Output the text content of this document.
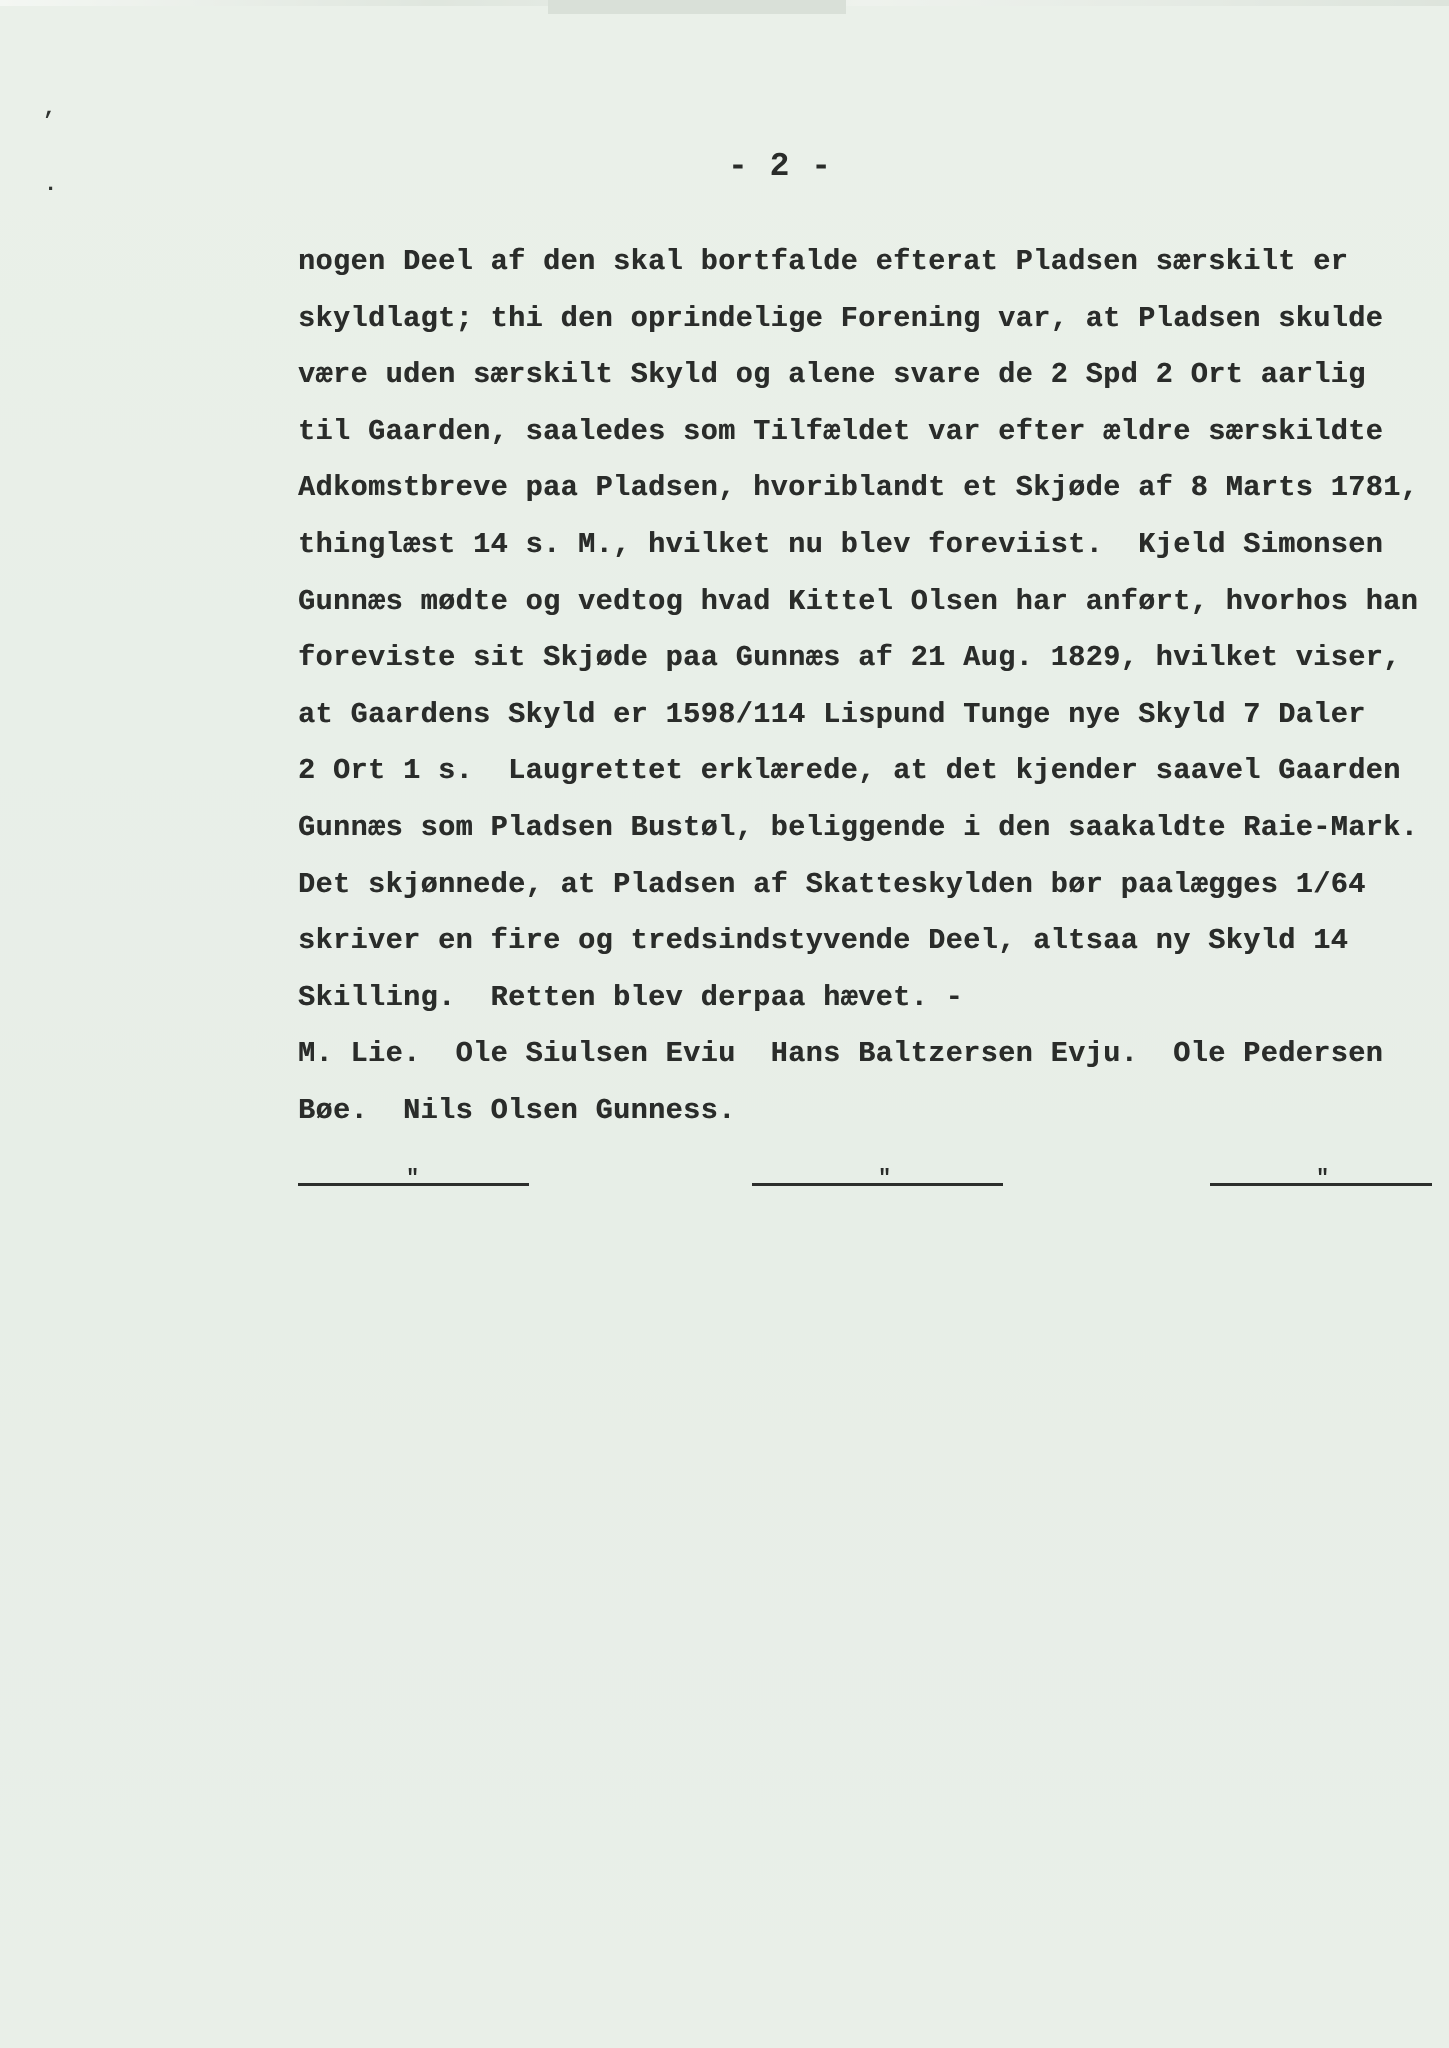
,
.	- 2 -
nogen Deel af den skal bortfalde efterat Pladsen særskilt er
skyldlagt; thi den oprindelige Forening var, at Pladsen skulde
være uden særskilt Skyld og alene svare de 2 Spd 2 Ort aarlig
til Gaarden, saaledes som Tilfældet var efter ældre særskildte
Adkomstbreve paa Pladsen, hvoriblandt et Skjøde af 8 Marts 1781,
thinglæst 14 s. M., hvilket nu blev foreviist.  Kjeld Simonsen
Gunnæs mødte og vedtog hvad Kittel Olsen har anført, hvorhos han
foreviste sit Skjøde paa Gunnæs af 21 Aug. 1829, hvilket viser,
at Gaardens Skyld er 1598/114 Lispund Tunge nye Skyld 7 Daler
2 Ort 1 s.  Laugrettet erklærede, at det kjender saavel Gaarden
Gunnæs som Pladsen Bustøl, beliggende i den saakaldte Raie-Mark.
Det skjønnede, at Pladsen af Skatteskylden bør paalægges 1/64
skriver en fire og tredsindstyvende Deel, altsaa ny Skyld 14
Skilling.  Retten blev derpaa hævet. -
M. Lie.  Ole Siulsen Eviu  Hans Baltzersen Evju.  Ole Pedersen
Bøe.  Nils Olsen Gunness.
"	"	"
